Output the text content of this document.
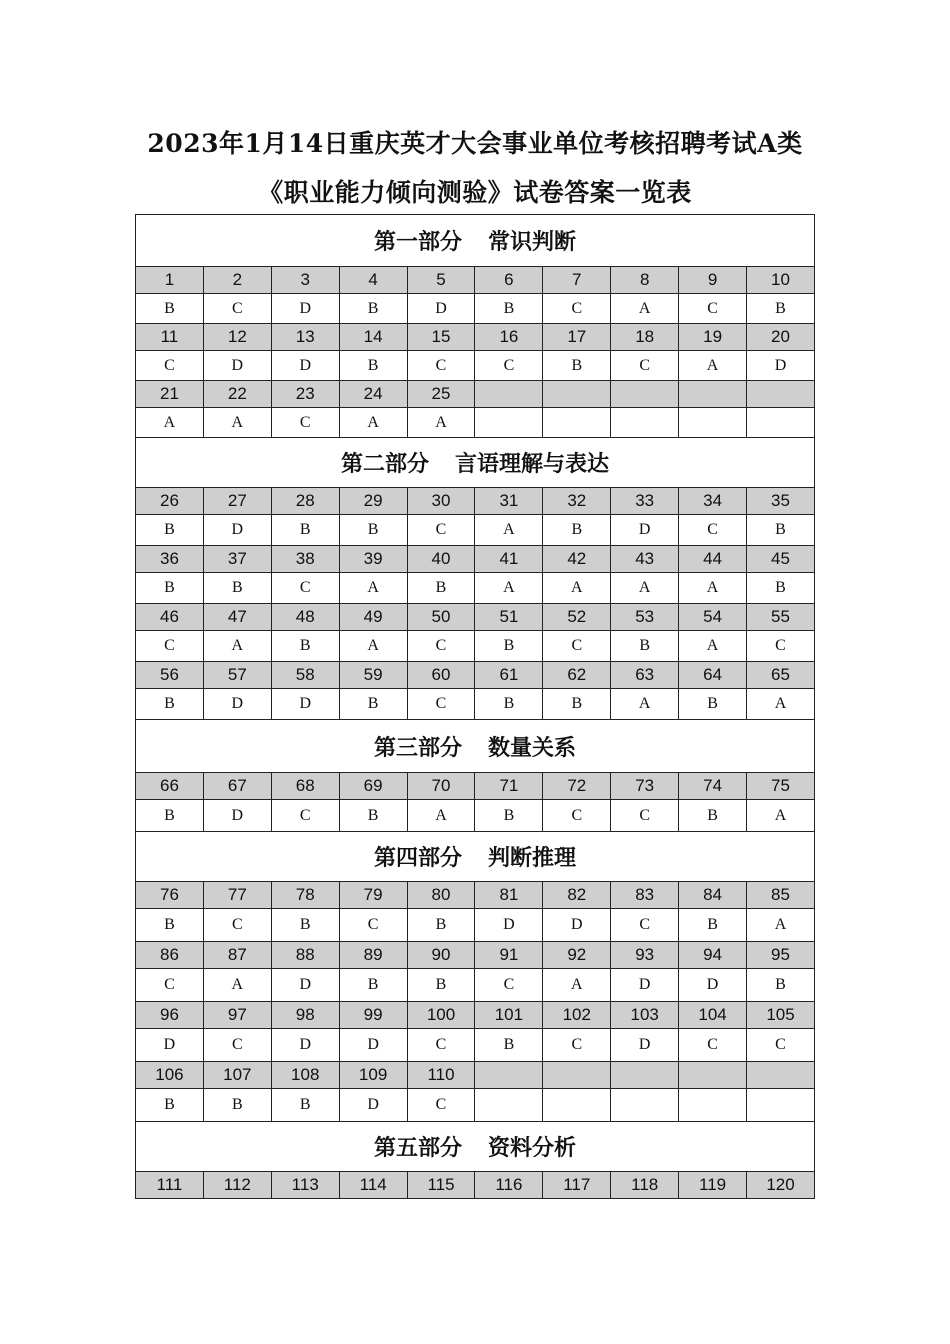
2023年1月14日重庆英才大会事业单位考核招聘考试A类
《职业能力倾向测验》试卷答案一览表
第一部分 常识判断									
1	2	3	4	5	6	7	8	9	10
B	C	D	B	D	B	C	A	C	B
11	12	13	14	15	16	17	18	19	20
C	D	D	B	C	C	B	C	A	D
21	22	23	24	25					
A	A	C	A	A					
第二部分 言语理解与表达									
26	27	28	29	30	31	32	33	34	35
B	D	B	B	C	A	B	D	C	B
36	37	38	39	40	41	42	43	44	45
B	B	C	A	B	A	A	A	A	B
46	47	48	49	50	51	52	53	54	55
C	A	B	A	C	B	C	B	A	C
56	57	58	59	60	61	62	63	64	65
B	D	D	B	C	B	B	A	B	A
第三部分 数量关系									
66	67	68	69	70	71	72	73	74	75
B	D	C	B	A	B	C	C	B	A
第四部分 判断推理									
76	77	78	79	80	81	82	83	84	85
B	C	B	C	B	D	D	C	B	A
86	87	88	89	90	91	92	93	94	95
C	A	D	B	B	C	A	D	D	B
96	97	98	99	100	101	102	103	104	105
D	C	D	D	C	B	C	D	C	C
106	107	108	109	110					
B	B	B	D	C					
第五部分 资料分析									
111	112	113	114	115	116	117	118	119	120
